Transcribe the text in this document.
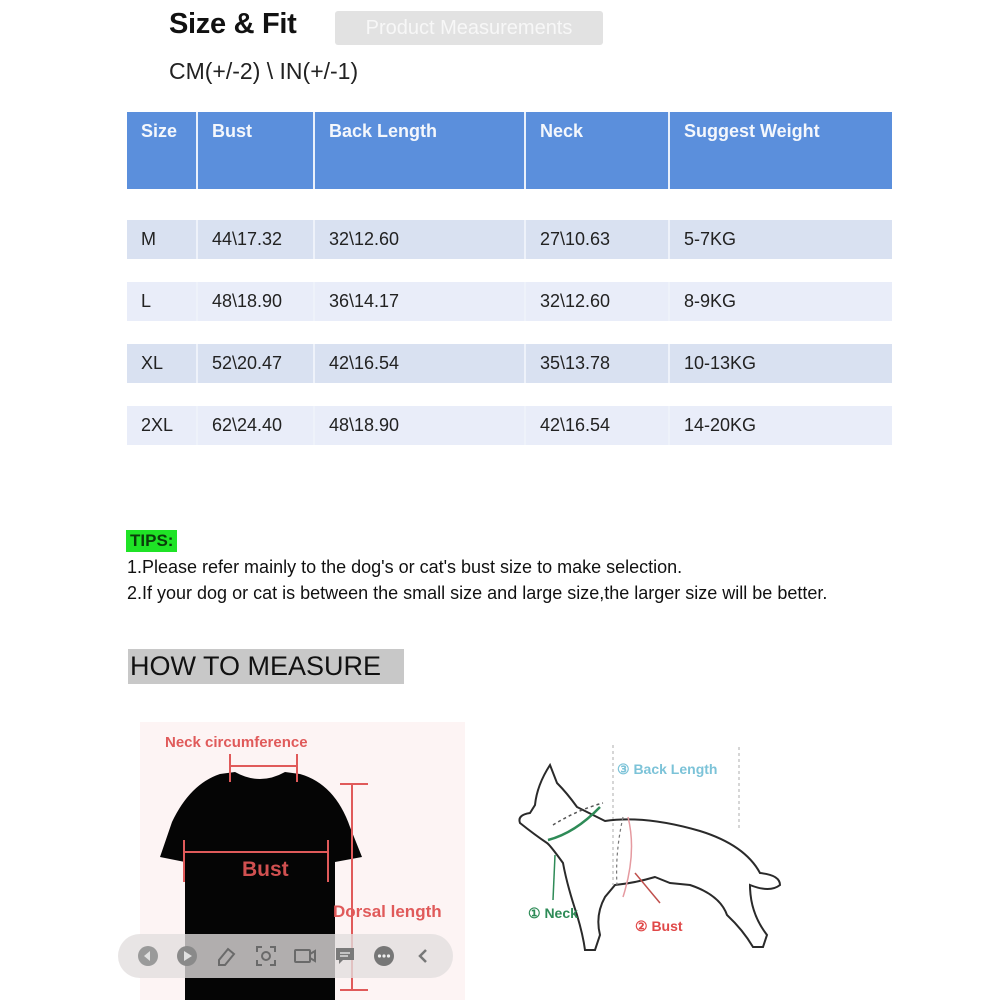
Size & Fit	Product Measurements
CM(+/-2) \ IN(+/-1)
Size	Bust	Back Length	Neck	Suggest Weight
M	44\17.32	32\12.60	27\10.63	5-7KG
L	48\18.90	36\14.17	32\12.60	8-9KG
XL	52\20.47	42\16.54	35\13.78	10-13KG
2XL	62\24.40	48\18.90	42\16.54	14-20KG
TIPS:
1.Please refer mainly to the dog's or cat's bust size to make selection.
2.If your dog or cat is between the small size and large size,the larger size will be better.
HOW TO MEASURE
Neck circumference
Bust
Dorsal length
③ Back Length
① Neck
② Bust
